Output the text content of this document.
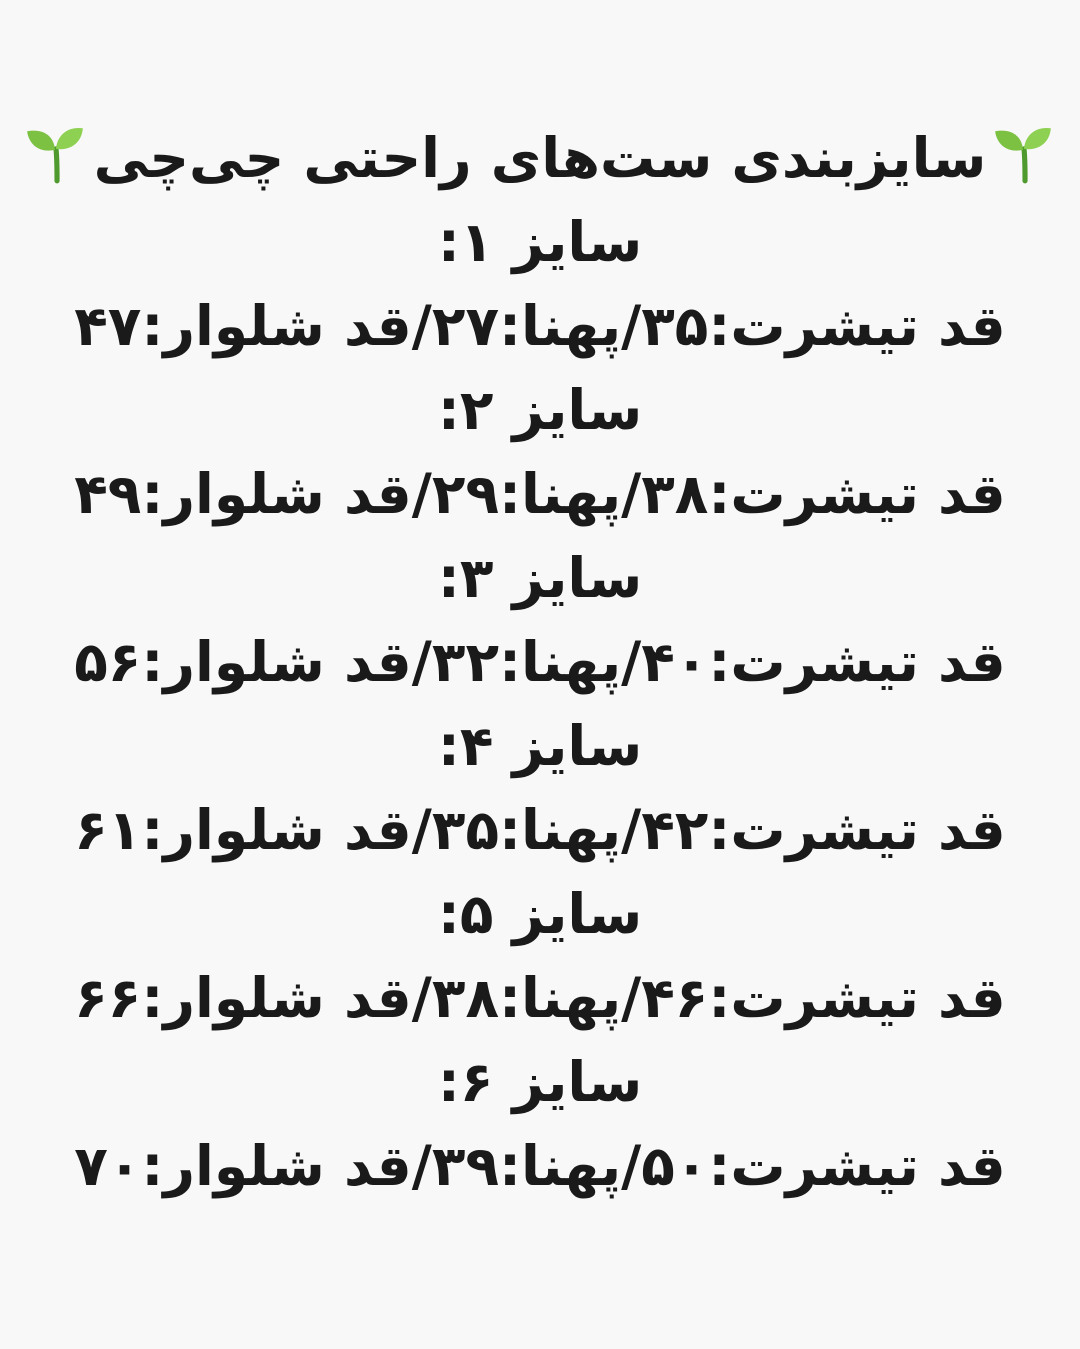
سایزبندی ست‌های راحتی چی‌چی
سایز ۱:
قد تیشرت:۳۵/پهنا:۲۷/قد شلوار:۴۷
سایز ۲:
قد تیشرت:۳۸/پهنا:۲۹/قد شلوار:۴۹
سایز ۳:
قد تیشرت:۴۰/پهنا:۳۲/قد شلوار:۵۶
سایز ۴:
قد تیشرت:۴۲/پهنا:۳۵/قد شلوار:۶۱
سایز ۵:
قد تیشرت:۴۶/پهنا:۳۸/قد شلوار:۶۶
سایز ۶:
قد تیشرت:۵۰/پهنا:۳۹/قد شلوار:۷۰
